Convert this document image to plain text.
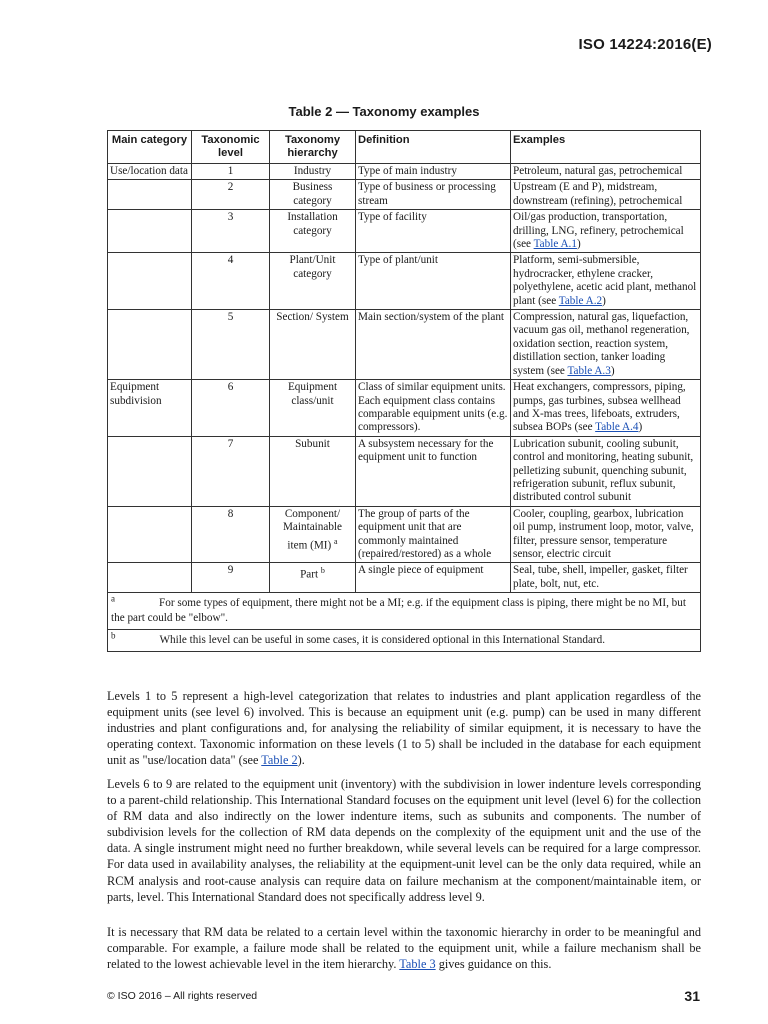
ISO 14224:2016(E)
Table 2 — Taxonomy examples
Main category	Taxonomic level	Taxonomy hierarchy	Definition	Examples
Use/location data	1	Industry	Type of main industry	Petroleum, natural gas, petrochemical
	2	Business category	Type of business or processing stream	Upstream (E and P), midstream, downstream (refining), petrochemical
	3	Installation category	Type of facility	Oil/gas production, transportation, drilling, LNG, refinery, petrochemical (see Table A.1)
	4	Plant/Unit category	Type of plant/unit	Platform, semi-submersible, hydrocracker, ethylene cracker, polyethylene, acetic acid plant, methanol plant (see Table A.2)
	5	Section/ System	Main section/system of the plant	Compression, natural gas, liquefaction, vacuum gas oil, methanol regeneration, oxidation section, reaction system, distillation section, tanker loading system (see Table A.3)
Equipment subdivision	6	Equipment class/unit	Class of similar equipment units. Each equipment class contains comparable equipment units (e.g. compressors).	Heat exchangers, compressors, piping, pumps, gas turbines, subsea wellhead and X-mas trees, lifeboats, extruders, subsea BOPs (see Table A.4)
	7	Subunit	A subsystem necessary for the equipment unit to function	Lubrication subunit, cooling subunit, control and monitoring, heating subunit, pelletizing subunit, quenching subunit, refrigeration subunit, reflux subunit, distributed control subunit
	8	Component/ Maintainable item (MI) $^a$	The group of parts of the equipment unit that are commonly maintained (repaired/restored) as a whole	Cooler, coupling, gearbox, lubrication oil pump, instrument loop, motor, valve, filter, pressure sensor, temperature sensor, electric circuit
	9	Part $^b$	A single piece of equipment	Seal, tube, shell, impeller, gasket, filter plate, bolt, nut, etc.
$^a$ For some types of equipment, there might not be a MI; e.g. if the equipment class is piping, there might be no MI, but the part could be "elbow".				
$^b$ While this level can be useful in some cases, it is considered optional in this International Standard.				

Levels 1 to 5 represent a high-level categorization that relates to industries and plant application regardless of the equipment units (see level 6) involved. This is because an equipment unit (e.g. pump) can be used in many different industries and plant configurations and, for analysing the reliability of similar equipment, it is necessary to have the operating context. Taxonomic information on these levels (1 to 5) shall be included in the database for each equipment unit as "use/location data" (see Table 2).

Levels 6 to 9 are related to the equipment unit (inventory) with the subdivision in lower indenture levels corresponding to a parent-child relationship. This International Standard focuses on the equipment unit level (level 6) for the collection of RM data and also indirectly on the lower indenture items, such as subunits and components. The number of subdivision levels for the collection of RM data depends on the complexity of the equipment unit and the use of the data. A single instrument might need no further breakdown, while several levels can be required for a large compressor. For data used in availability analyses, the reliability at the equipment-unit level can be the only data required, while an RCM analysis and root-cause analysis can require data on failure mechanism at the component/maintainable item, or parts, level. This International Standard does not specifically address level 9.

It is necessary that RM data be related to a certain level within the taxonomic hierarchy in order to be meaningful and comparable. For example, a failure mode shall be related to the equipment unit, while a failure mechanism shall be related to the lowest achievable level in the item hierarchy. Table 3 gives guidance on this.

© ISO 2016 – All rights reserved	31
